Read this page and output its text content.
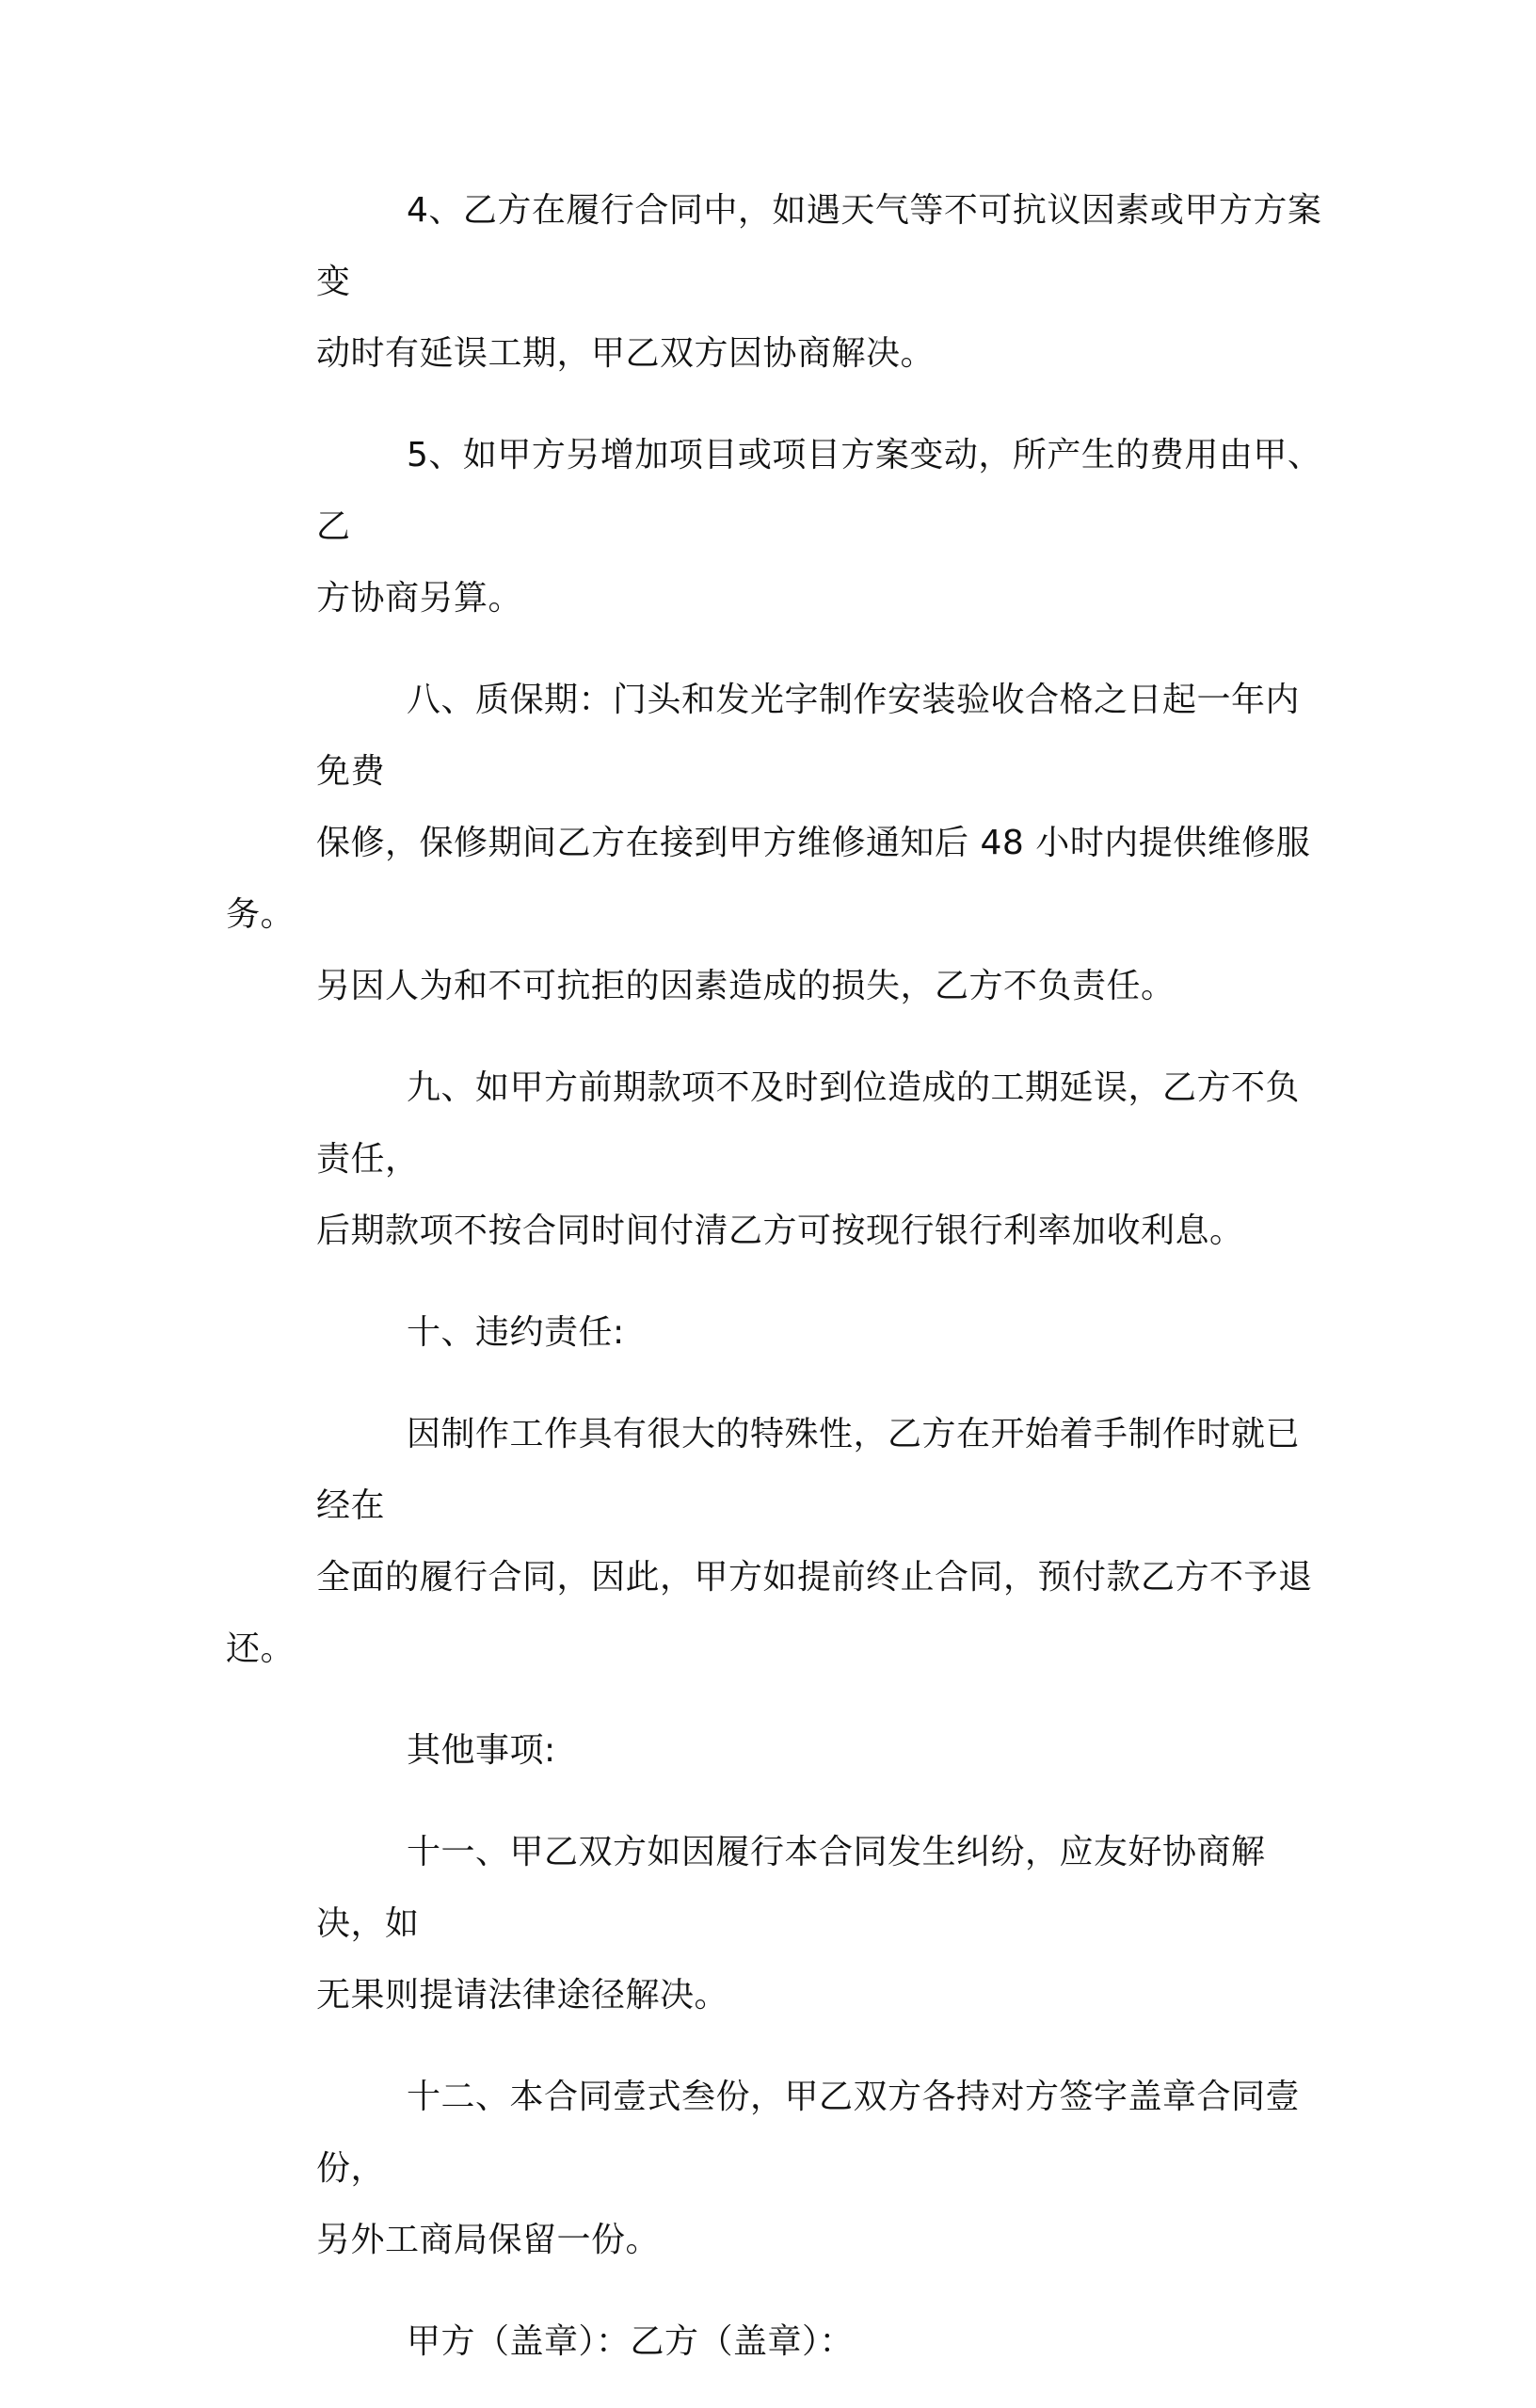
4、乙方在履行合同中，如遇天气等不可抗议因素或甲方方案变
动时有延误工期，甲乙双方因协商解决。
5、如甲方另增加项目或项目方案变动，所产生的费用由甲、乙
方协商另算。
八、质保期：门头和发光字制作安装验收合格之日起一年内免费
保修，保修期间乙方在接到甲方维修通知后 48 小时内提供维修服务。
另因人为和不可抗拒的因素造成的损失，乙方不负责任。
九、如甲方前期款项不及时到位造成的工期延误，乙方不负责任，
后期款项不按合同时间付清乙方可按现行银行利率加收利息。
十、违约责任:
因制作工作具有很大的特殊性，乙方在开始着手制作时就已经在
全面的履行合同，因此，甲方如提前终止合同，预付款乙方不予退还。
其他事项:
十一、甲乙双方如因履行本合同发生纠纷，应友好协商解决，如
无果则提请法律途径解决。
十二、本合同壹式叁份，甲乙双方各持对方签字盖章合同壹份，
另外工商局保留一份。
甲方（盖章）：乙方（盖章）：
